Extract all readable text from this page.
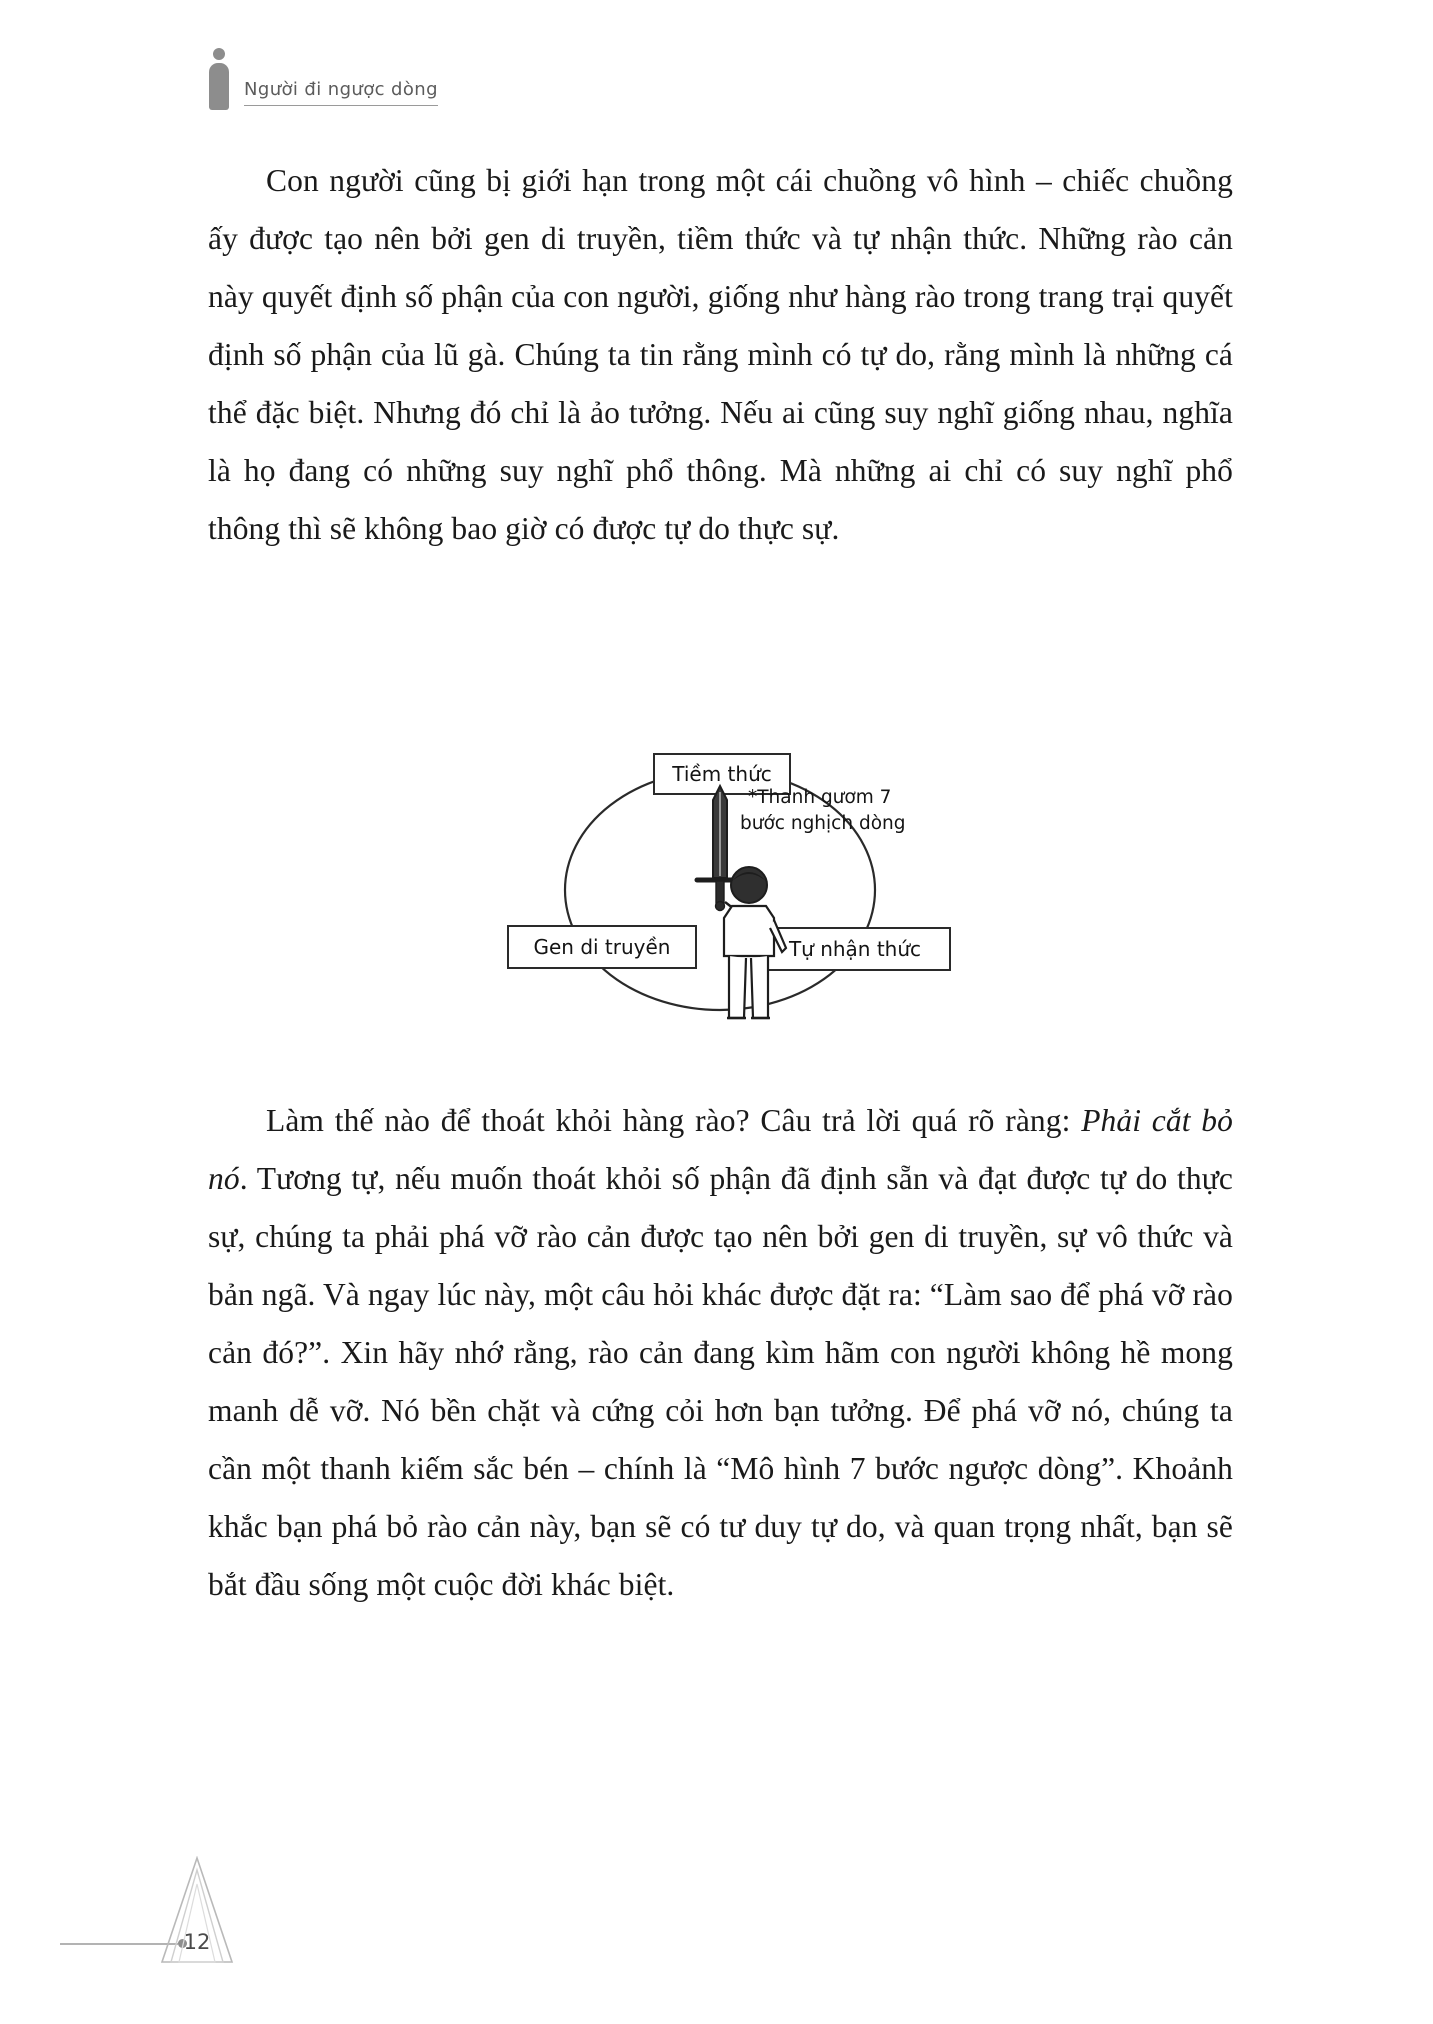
Người đi ngược dòng

Con người cũng bị giới hạn trong một cái chuồng vô hình – chiếc chuồng ấy được tạo nên bởi gen di truyền, tiềm thức và tự nhận thức. Những rào cản này quyết định số phận của con người, giống như hàng rào trong trang trại quyết định số phận của lũ gà. Chúng ta tin rằng mình có tự do, rằng mình là những cá thể đặc biệt. Nhưng đó chỉ là ảo tưởng. Nếu ai cũng suy nghĩ giống nhau, nghĩa là họ đang có những suy nghĩ phổ thông. Mà những ai chỉ có suy nghĩ phổ thông thì sẽ không bao giờ có được tự do thực sự.

Tiềm thức
Gen di truyền	Tự nhận thức
*Thanh gươm 7
bước nghịch dòng

Làm thế nào để thoát khỏi hàng rào? Câu trả lời quá rõ ràng: Phải cắt bỏ nó. Tương tự, nếu muốn thoát khỏi số phận đã định sẵn và đạt được tự do thực sự, chúng ta phải phá vỡ rào cản được tạo nên bởi gen di truyền, sự vô thức và bản ngã. Và ngay lúc này, một câu hỏi khác được đặt ra: “Làm sao để phá vỡ rào cản đó?”. Xin hãy nhớ rằng, rào cản đang kìm hãm con người không hề mong manh dễ vỡ. Nó bền chặt và cứng cỏi hơn bạn tưởng. Để phá vỡ nó, chúng ta cần một thanh kiếm sắc bén – chính là “Mô hình 7 bước ngược dòng”. Khoảnh khắc bạn phá bỏ rào cản này, bạn sẽ có tư duy tự do, và quan trọng nhất, bạn sẽ bắt đầu sống một cuộc đời khác biệt.

12
